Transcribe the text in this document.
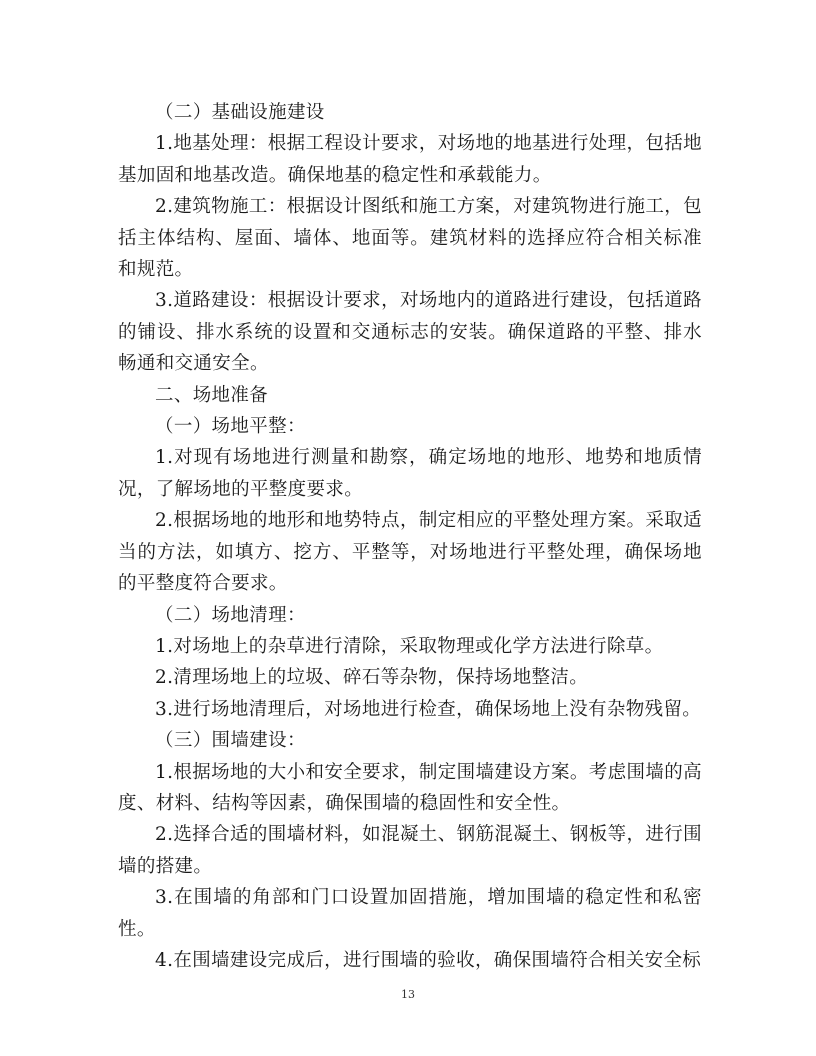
（二）基础设施建设

1.地基处理：根据工程设计要求，对场地的地基进行处理，包括地基加固和地基改造。确保地基的稳定性和承载能力。

2.建筑物施工：根据设计图纸和施工方案，对建筑物进行施工，包括主体结构、屋面、墙体、地面等。建筑材料的选择应符合相关标准和规范。

3.道路建设：根据设计要求，对场地内的道路进行建设，包括道路的铺设、排水系统的设置和交通标志的安装。确保道路的平整、排水畅通和交通安全。

二、场地准备

（一）场地平整：

1.对现有场地进行测量和勘察，确定场地的地形、地势和地质情况，了解场地的平整度要求。

2.根据场地的地形和地势特点，制定相应的平整处理方案。采取适当的方法，如填方、挖方、平整等，对场地进行平整处理，确保场地的平整度符合要求。

（二）场地清理：

1.对场地上的杂草进行清除，采取物理或化学方法进行除草。

2.清理场地上的垃圾、碎石等杂物，保持场地整洁。

3.进行场地清理后，对场地进行检查，确保场地上没有杂物残留。

（三）围墙建设：

1.根据场地的大小和安全要求，制定围墙建设方案。考虑围墙的高度、材料、结构等因素，确保围墙的稳固性和安全性。

2.选择合适的围墙材料，如混凝土、钢筋混凝土、钢板等，进行围墙的搭建。

3.在围墙的角部和门口设置加固措施，增加围墙的稳定性和私密性。

4.在围墙建设完成后，进行围墙的验收，确保围墙符合相关安全标

13
